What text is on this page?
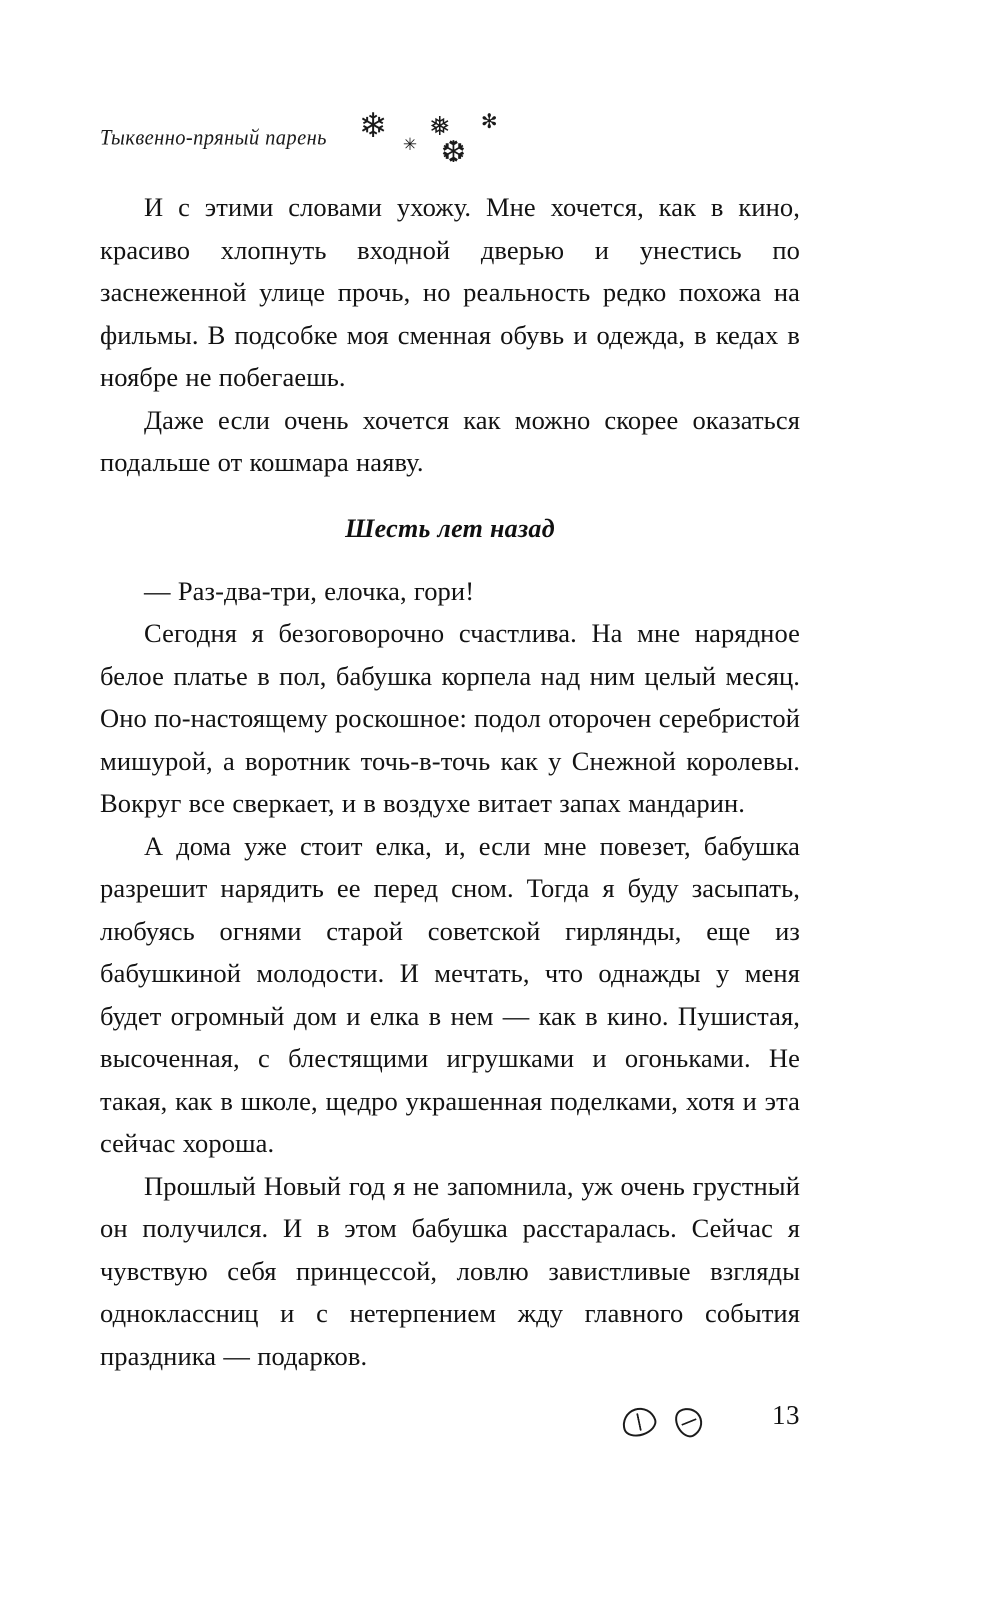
Тыквенно-пряный парень ❄ ✳
❅
❆
✻

И с этими словами ухожу. Мне хочется, как в кино, красиво хлопнуть входной дверью и унестись по заснеженной улице прочь, но реальность редко похожа на фильмы. В подсобке моя сменная обувь и одежда, в кедах в ноябре не побегаешь.

Даже если очень хочется как можно скорее оказаться подальше от кошмара наяву.

Шесть лет назад

— Раз-два-три, елочка, гори!

Сегодня я безоговорочно счастлива. На мне нарядное белое платье в пол, бабушка корпела над ним целый месяц. Оно по-настоящему роскошное: подол оторочен серебристой мишурой, а воротник точь-в-точь как у Снежной королевы. Вокруг все сверкает, и в воздухе витает запах мандарин.

А дома уже стоит елка, и, если мне повезет, бабушка разрешит нарядить ее перед сном. Тогда я буду засыпать, любуясь огнями старой советской гирлянды, еще из бабушкиной молодости. И мечтать, что однажды у меня будет огромный дом и елка в нем — как в кино. Пушистая, высоченная, с блестящими игрушками и огоньками. Не такая, как в школе, щедро украшенная поделками, хотя и эта сейчас хороша.

Прошлый Новый год я не запомнила, уж очень грустный он получился. И в этом бабушка расстаралась. Сейчас я чувствую себя принцессой, ловлю завистливые взгляды одноклассниц и с нетерпением жду главного события праздника — подарков.

13
